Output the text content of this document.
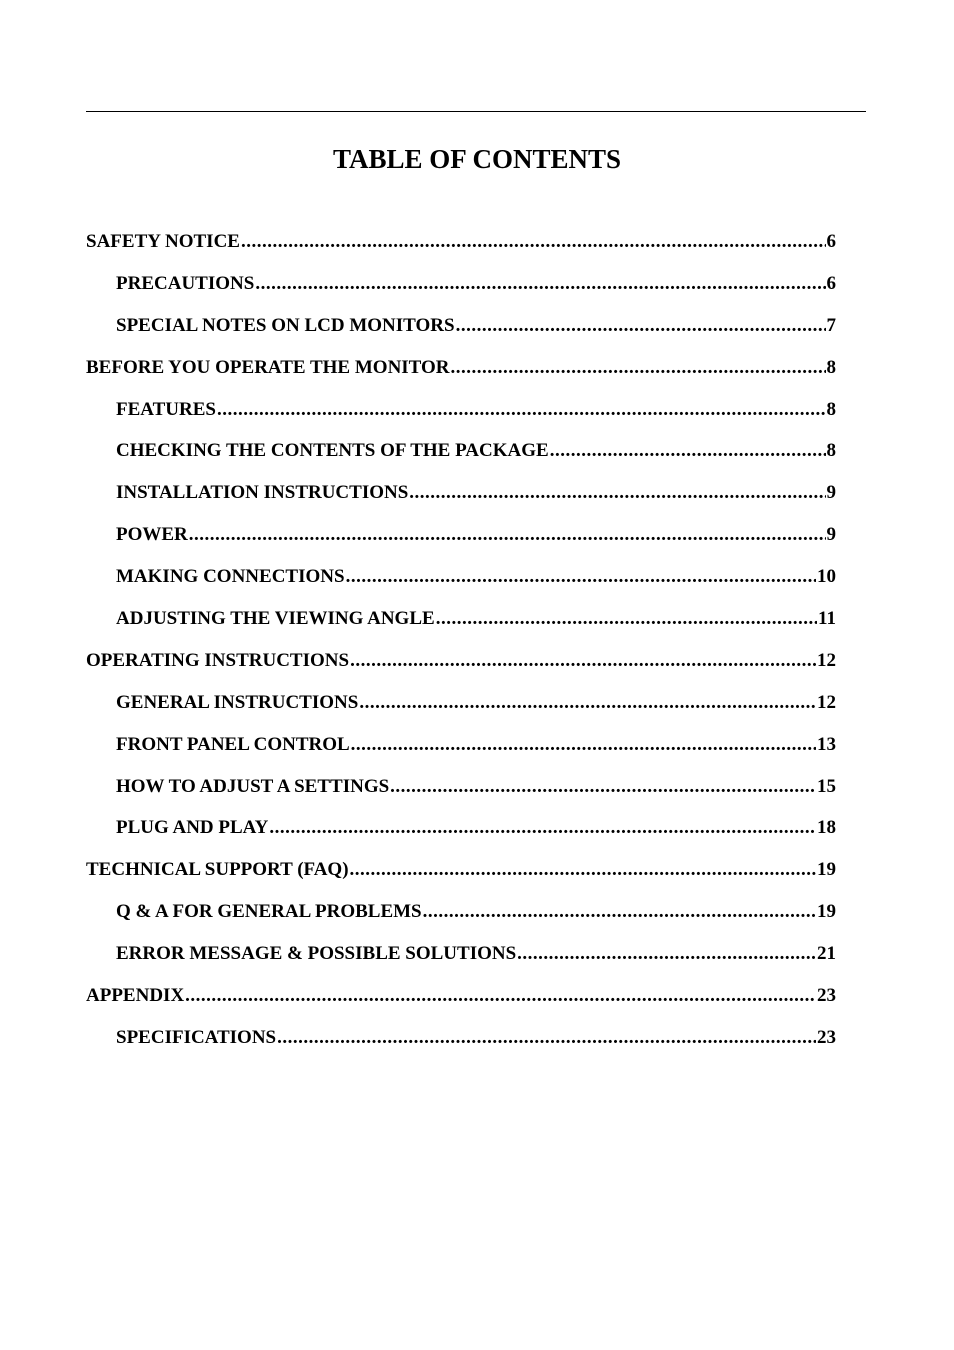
TABLE OF CONTENTS
SAFETY NOTICE .....	6
PRECAUTIONS .....	6
SPECIAL NOTES ON LCD MONITORS .....	7
BEFORE YOU OPERATE THE MONITOR .....	8
FEATURES .....	8
CHECKING THE CONTENTS OF THE PACKAGE .....	8
INSTALLATION INSTRUCTIONS .....	9
POWER .....	9
MAKING CONNECTIONS .....	10
ADJUSTING THE VIEWING ANGLE .....	11
OPERATING INSTRUCTIONS .....	12
GENERAL INSTRUCTIONS .....	12
FRONT PANEL CONTROL .....	13
HOW TO ADJUST A SETTINGS .....	15
PLUG AND PLAY .....	18
TECHNICAL SUPPORT (FAQ) .....	19
Q & A FOR GENERAL PROBLEMS .....	19
ERROR MESSAGE & POSSIBLE SOLUTIONS .....	21
APPENDIX .....	23
SPECIFICATIONS .....	23
